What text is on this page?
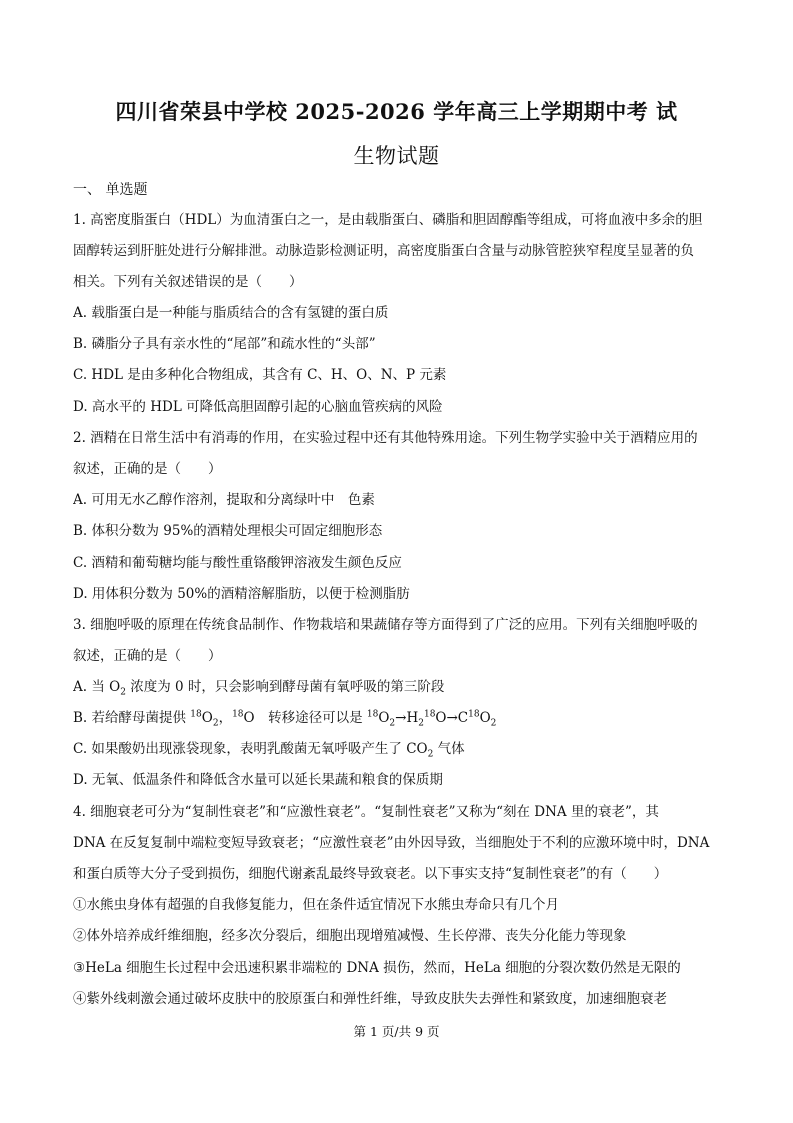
四川省荣县中学校 2025-2026 学年高三上学期期中考 试
生物试题
一、 单选题
1. 高密度脂蛋白（HDL）为血清蛋白之一，是由载脂蛋白、磷脂和胆固醇酯等组成，可将血液中多余的胆
固醇转运到肝脏处进行分解排泄。动脉造影检测证明，高密度脂蛋白含量与动脉管腔狭窄程度呈显著的负
相关。下列有关叙述错误的是（　　）
A. 载脂蛋白是一种能与脂质结合的含有氢键的蛋白质
B. 磷脂分子具有亲水性的“尾部”和疏水性的“头部”
C. HDL 是由多种化合物组成，其含有 C、H、O、N、P 元素
D. 高水平的 HDL 可降低高胆固醇引起的心脑血管疾病的风险
2. 酒精在日常生活中有消毒的作用，在实验过程中还有其他特殊用途。下列生物学实验中关于酒精应用的
叙述，正确的是（　　）
A. 可用无水乙醇作溶剂，提取和分离绿叶中　色素
B. 体积分数为 95%的酒精处理根尖可固定细胞形态
C. 酒精和葡萄糖均能与酸性重铬酸钾溶液发生颜色反应
D. 用体积分数为 50%的酒精溶解脂肪，以便于检测脂肪
3. 细胞呼吸的原理在传统食品制作、作物栽培和果蔬储存等方面得到了广泛的应用。下列有关细胞呼吸的
叙述，正确的是（　　）
A. 当 $O_2$ 浓度为 0 时，只会影响到酵母菌有氧呼吸的第三阶段
B. 若给酵母菌提供 $^{18}O_2$，$^{18}$O　转移途径可以是 $^{18}O_2\to H_2^{18}O\to C^{18}O_2$
C. 如果酸奶出现涨袋现象，表明乳酸菌无氧呼吸产生了 $CO_2$ 气体
D. 无氧、低温条件和降低含水量可以延长果蔬和粮食的保质期
4. 细胞衰老可分为“复制性衰老”和“应激性衰老”。“复制性衰老”又称为“刻在 DNA 里的衰老”，其
DNA 在反复复制中端粒变短导致衰老；“应激性衰老”由外因导致，当细胞处于不利的应激环境中时，DNA
和蛋白质等大分子受到损伤，细胞代谢紊乱最终导致衰老。以下事实支持“复制性衰老”的有（　　）
①水熊虫身体有超强的自我修复能力，但在条件适宜情况下水熊虫寿命只有几个月
②体外培养成纤维细胞，经多次分裂后，细胞出现增殖减慢、生长停滞、丧失分化能力等现象
③HeLa 细胞生长过程中会迅速积累非端粒的 DNA 损伤，然而，HeLa 细胞的分裂次数仍然是无限的
④紫外线刺激会通过破坏皮肤中的胶原蛋白和弹性纤维，导致皮肤失去弹性和紧致度，加速细胞衰老
第 1 页/共 9 页
